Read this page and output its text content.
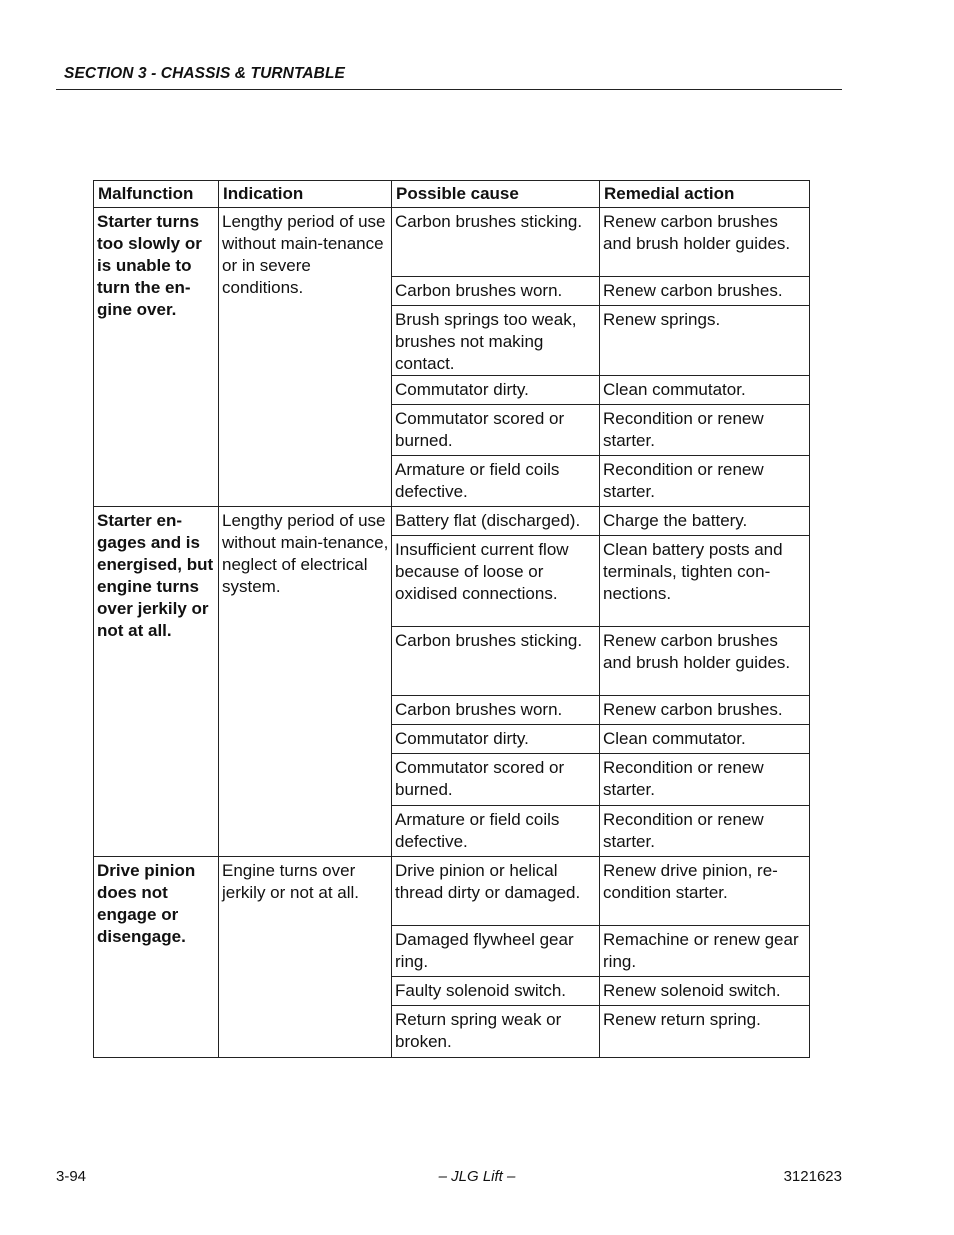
SECTION 3 - CHASSIS & TURNTABLE
Malfunction	Indication	Possible cause	Remedial action
Starter turns too slowly or is unable to turn the en-gine over.	Lengthy period of use without main-tenance or in severe conditions.	Carbon brushes sticking.	Renew carbon brushes and brush holder guides.
		Carbon brushes worn.	Renew carbon brushes.
		Brush springs too weak, brushes not making contact.	Renew springs.
		Commutator dirty.	Clean commutator.
		Commutator scored or burned.	Recondition or renew starter.
		Armature or field coils defective.	Recondition or renew starter.
Starter en-gages and is energised, but engine turns over jerkily or not at all.	Lengthy period of use without main-tenance, neglect of electrical system.	Battery flat (discharged).	Charge the battery.
		Insufficient current flow because of loose or oxidised connections.	Clean battery posts and terminals, tighten con-nections.
		Carbon brushes sticking.	Renew carbon brushes and brush holder guides.
		Carbon brushes worn.	Renew carbon brushes.
		Commutator dirty.	Clean commutator.
		Commutator scored or burned.	Recondition or renew starter.
		Armature or field coils defective.	Recondition or renew starter.
Drive pinion does not engage or disengage.	Engine turns over jerkily or not at all.	Drive pinion or helical thread dirty or damaged.	Renew drive pinion, re-condition starter.
		Damaged flywheel gear ring.	Remachine or renew gear ring.
		Faulty solenoid switch.	Renew solenoid switch.
		Return spring weak or broken.	Renew return spring.
3-94	– JLG Lift –	3121623
